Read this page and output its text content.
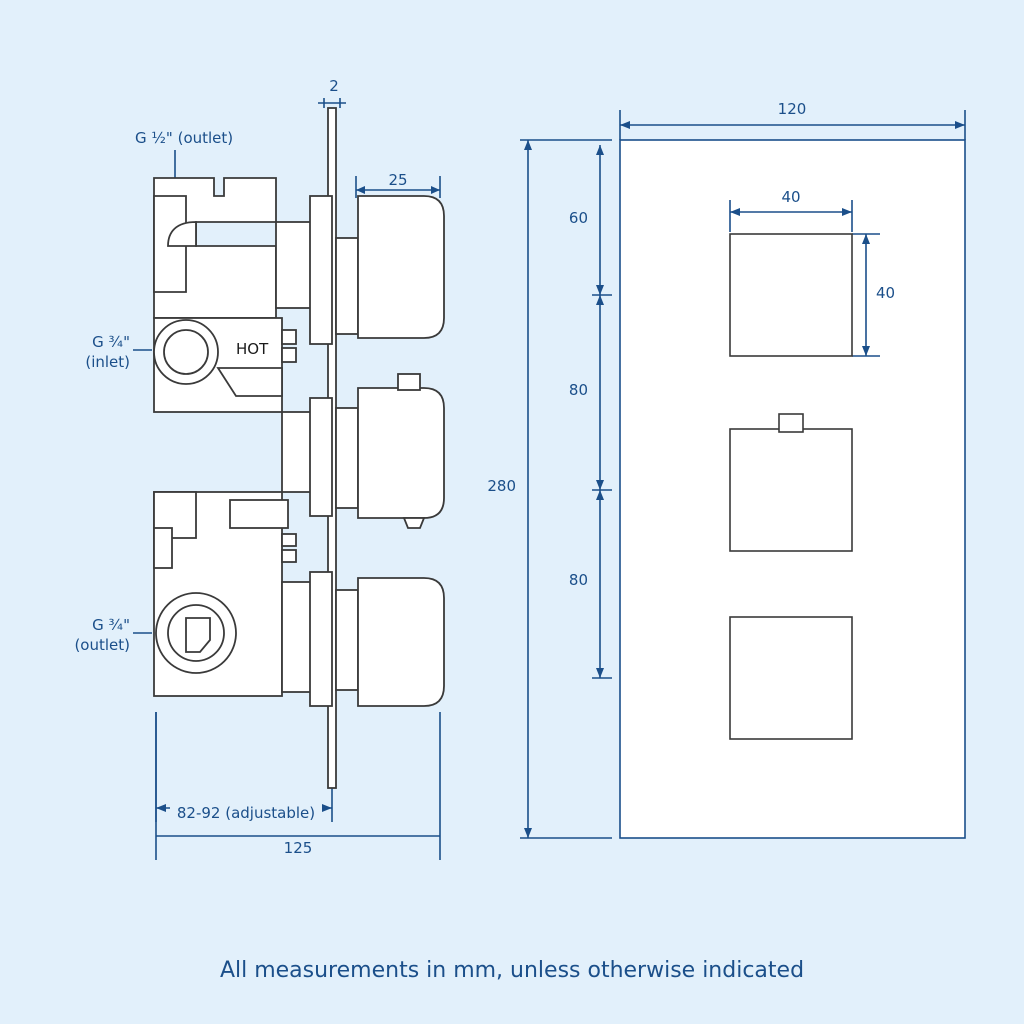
2
G ½" (outlet)
25
G ¾"
(inlet)
HOT
G ¾"
(outlet)
82-92 (adjustable)
125
120
280
60
80
80
40
40
All measurements in mm, unless otherwise indicated
